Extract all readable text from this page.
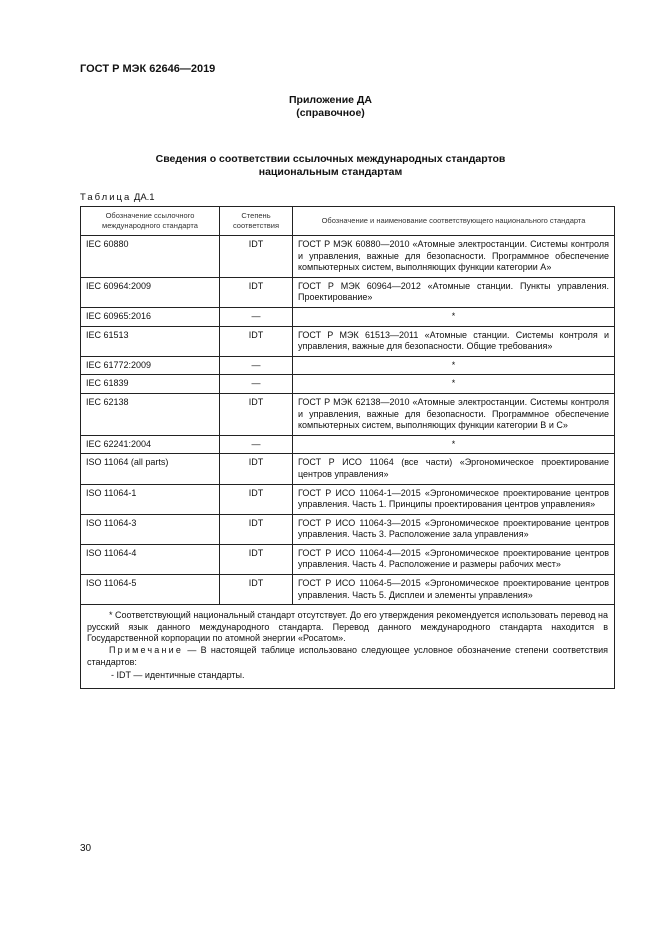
ГОСТ Р МЭК 62646—2019
Приложение ДА
(справочное)
Сведения о соответствии ссылочных международных стандартов
национальным стандартам
Таблица ДА.1
Обозначение ссылочного международного стандарта	Степень соответствия	Обозначение и наименование соответствующего национального стандарта
IEC 60880	IDT	ГОСТ Р МЭК 60880—2010 «Атомные электростанции. Системы контроля и управления, важные для безопасности. Программное обеспечение компьютерных систем, выполняющих функции категории А»
IEC 60964:2009	IDT	ГОСТ Р МЭК 60964—2012 «Атомные станции. Пункты управления. Проектирование»
IEC 60965:2016	—	*
IEC 61513	IDT	ГОСТ Р МЭК 61513—2011 «Атомные станции. Системы контроля и управления, важные для безопасности. Общие требования»
IEC 61772:2009	—	*
IEC 61839	—	*
IEC 62138	IDT	ГОСТ Р МЭК 62138—2010 «Атомные электростанции. Системы контроля и управления, важные для безопасности. Программное обеспечение компьютерных систем, выполняющих функции категории В и С»
IEC 62241:2004	—	*
ISO 11064 (all parts)	IDT	ГОСТ Р ИСО 11064 (все части) «Эргономическое проектирование центров управления»
ISO 11064-1	IDT	ГОСТ Р ИСО 11064-1—2015 «Эргономическое проектирование центров управления. Часть 1. Принципы проектирования центров управления»
ISO 11064-3	IDT	ГОСТ Р ИСО 11064-3—2015 «Эргономическое проектирование центров управления. Часть 3. Расположение зала управления»
ISO 11064-4	IDT	ГОСТ Р ИСО 11064-4—2015 «Эргономическое проектирование центров управления. Часть 4. Расположение и размеры рабочих мест»
ISO 11064-5	IDT	ГОСТ Р ИСО 11064-5—2015 «Эргономическое проектирование центров управления. Часть 5. Дисплеи и элементы управления»

* Соответствующий национальный стандарт отсутствует. До его утверждения рекомендуется использовать перевод на русский язык данного международного стандарта. Перевод данного международного стандарта находится в Государственной корпорации по атомной энергии «Росатом».

Примечание — В настоящей таблице использовано следующее условное обозначение степени соответствия стандартов:

- IDT — идентичные стандарты.		

30
